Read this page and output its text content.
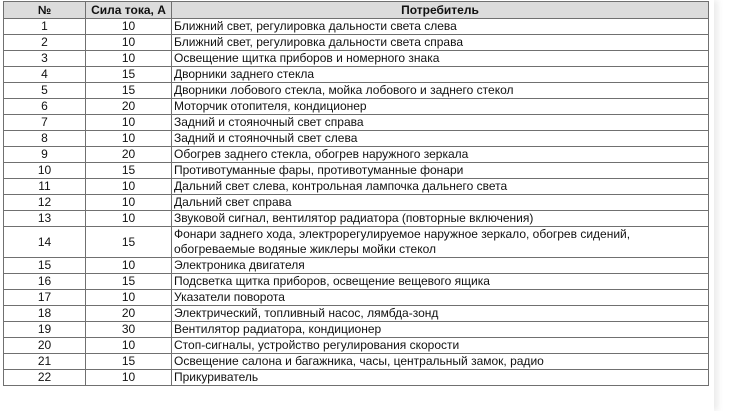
№	Сила тока, А	Потребитель
1	10	Ближний свет, регулировка дальности света слева
2	10	Ближний свет, регулировка дальности света справа
3	10	Освещение щитка приборов и номерного знака
4	15	Дворники заднего стекла
5	15	Дворники лобового стекла, мойка лобового и заднего стекол
6	20	Моторчик отопителя, кондиционер
7	10	Задний и стояночный свет справа
8	10	Задний и стояночный свет слева
9	20	Обогрев заднего стекла, обогрев наружного зеркала
10	15	Противотуманные фары, противотуманные фонари
11	10	Дальний свет слева, контрольная лампочка дальнего света
12	10	Дальний свет справа
13	10	Звуковой сигнал, вентилятор радиатора (повторные включения)
14	15	Фонари заднего хода, электрорегулируемое наружное зеркало, обогрев сидений,
обогреваемые водяные жиклеры мойки стекол

15	10	Электроника двигателя
16	15	Подсветка щитка приборов, освещение вещевого ящика
17	10	Указатели поворота
18	20	Электрический, топливный насос, лямбда-зонд
19	30	Вентилятор радиатора, кондиционер
20	10	Стоп-сигналы, устройство регулирования скорости
21	15	Освещение салона и багажника, часы, центральный замок, радио
22	10	Прикуриватель
